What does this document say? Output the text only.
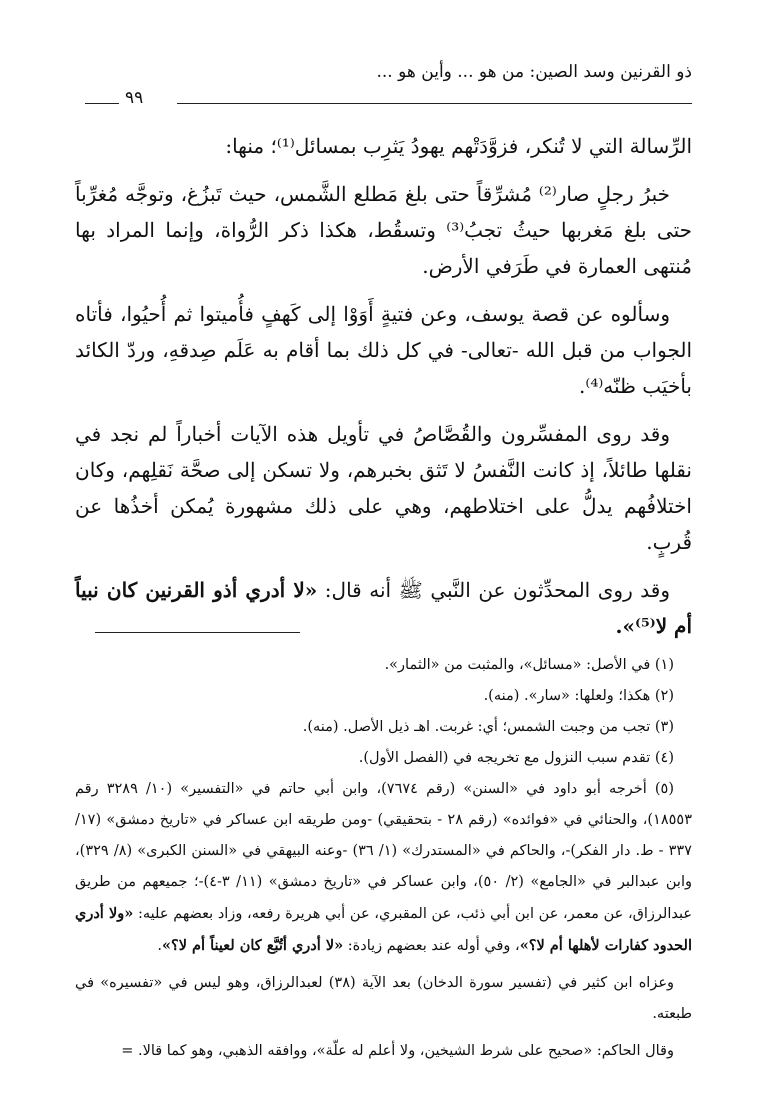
ذو القرنين وسد الصين: من هو ... وأين هو ...
٩٩

الرِّسالة التي لا تُنكر، فزوَّدَتْهم يهودُ يَثرِب بمسائل⁽¹⁾؛ منها:

خبرُ رجلٍ صار⁽²⁾ مُشرِّقاً حتى بلغ مَطلع الشَّمس، حيث تَبزُغ، وتوجَّه مُغرِّباً حتى بلغ مَغربها حيثُ تجبُ⁽³⁾ وتسقُط، هكذا ذكر الرُّواة، وإنما المراد بها مُنتهى العمارة في طَرَفي الأرض.

وسألوه عن قصة يوسف، وعن فتيةٍ أَوَوْا إلى كَهفٍ فأُميتوا ثم أُحيُوا، فأتاه الجواب من قبل الله -تعالى- في كل ذلك بما أقام به عَلَم صِدقهِ، وردّ الكائد بأخيَب ظنّه⁽⁴⁾.

وقد روى المفسِّرون والقُصَّاصُ في تأويل هذه الآيات أخباراً لم نجد في نقلها طائلاً، إذ كانت النَّفسُ لا تَثق بخبرهم، ولا تسكن إلى صحَّة نَقلِهم، وكان اختلافُهم يدلُّ على اختلاطهم، وهي على ذلك مشهورة يُمكن أخذُها عن قُربٍ.

وقد روى المحدِّثون عن النَّبي ﷺ أنه قال: «لا أدري أذو القرنين كان نبياً أم لا⁽⁵⁾».

(١) في الأصل: «مسائل»، والمثبت من «الثمار».

(٢) هكذا؛ ولعلها: «سار». (منه).

(٣) تجب من وجبت الشمس؛ أي: غربت. اهـ ذيل الأصل. (منه).

(٤) تقدم سبب النزول مع تخريجه في (الفصل الأول).

(٥) أخرجه أبو داود في «السنن» (رقم ٧٦٧٤)، وابن أبي حاتم في «التفسير» (١٠/ ٣٢٨٩ رقم ١٨٥٥٣)، والحنائي في «فوائده» (رقم ٢٨ - بتحقيقي) -ومن طريقه ابن عساكر في «تاريخ دمشق» (١٧/ ٣٣٧ - ط. دار الفكر)-، والحاكم في «المستدرك» (١/ ٣٦) -وعنه البيهقي في «السنن الكبرى» (٨/ ٣٢٩)، وابن عبدالبر في «الجامع» (٢/ ٥٠)، وابن عساكر في «تاريخ دمشق» (١١/ ٣-٤)-؛ جميعهم من طريق عبدالرزاق، عن معمر، عن ابن أبي ذئب، عن المقبري، عن أبي هريرة رفعه، وزاد بعضهم عليه: «ولا أدري الحدود كفارات لأهلها أم لا؟»، وفي أوله عند بعضهم زيادة: «لا أدري أتُبَّع كان لعيناً أم لا؟».

وعزاه ابن كثير في (تفسير سورة الدخان) بعد الآية (٣٨) لعبدالرزاق، وهو ليس في «تفسيره» في طبعته.

وقال الحاكم: «صحيح على شرط الشيخين، ولا أعلم له علّة»، ووافقه الذهبي، وهو كما قالا. =
